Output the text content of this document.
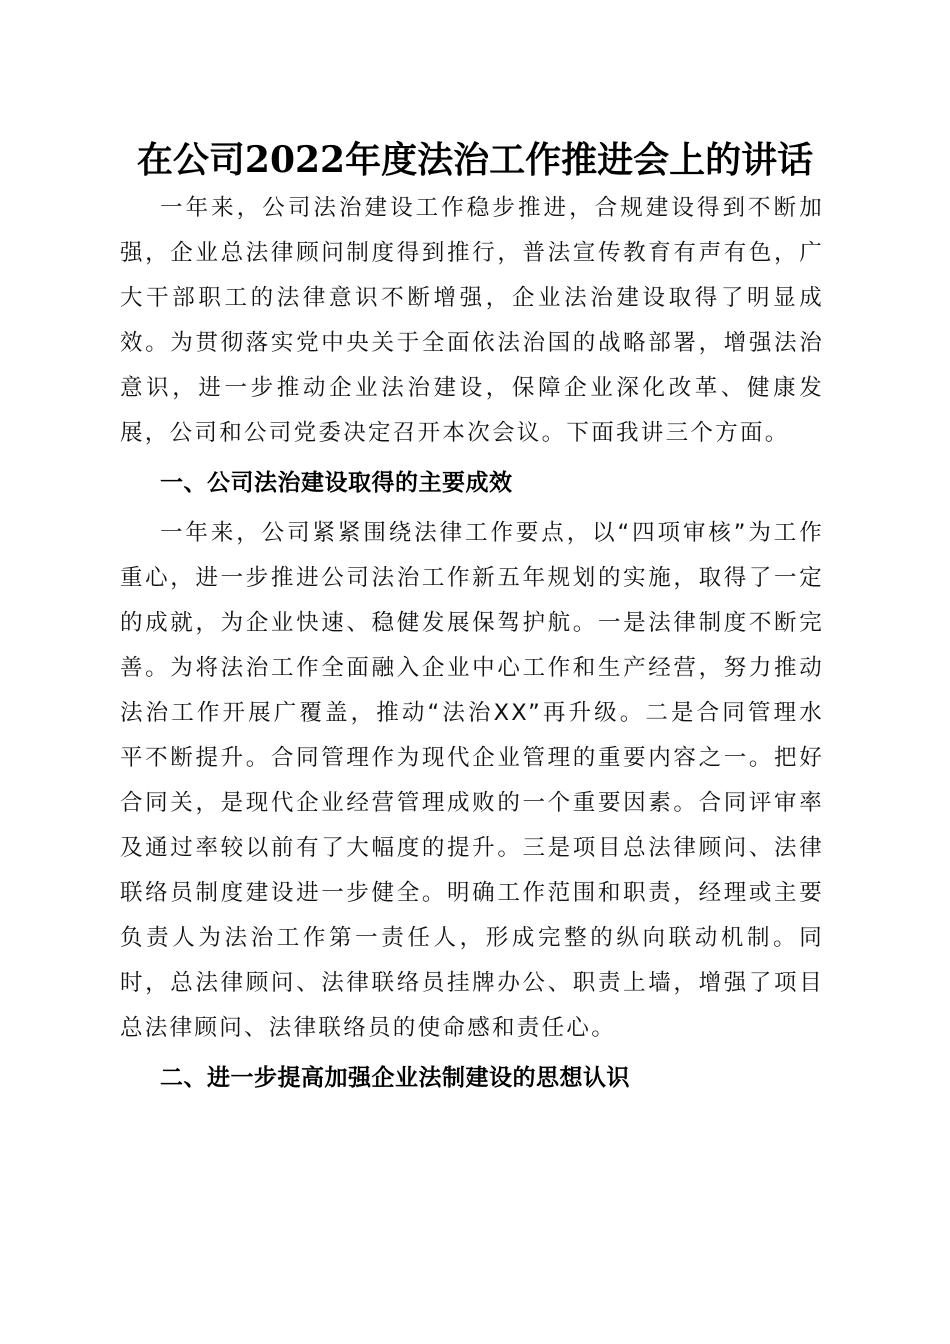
在公司2022年度法治工作推进会上的讲话

一年来，公司法治建设工作稳步推进，合规建设得到不断加强，企业总法律顾问制度得到推行，普法宣传教育有声有色，广大干部职工的法律意识不断增强，企业法治建设取得了明显成效。为贯彻落实党中央关于全面依法治国的战略部署，增强法治意识，进一步推动企业法治建设，保障企业深化改革、健康发展，公司和公司党委决定召开本次会议。下面我讲三个方面。

一、公司法治建设取得的主要成效

一年来，公司紧紧围绕法律工作要点，以“四项审核”为工作重心，进一步推进公司法治工作新五年规划的实施，取得了一定的成就，为企业快速、稳健发展保驾护航。一是法律制度不断完善。为将法治工作全面融入企业中心工作和生产经营，努力推动法治工作开展广覆盖，推动“法治XX”再升级。二是合同管理水平不断提升。合同管理作为现代企业管理的重要内容之一。把好合同关，是现代企业经营管理成败的一个重要因素。合同评审率及通过率较以前有了大幅度的提升。三是项目总法律顾问、法律联络员制度建设进一步健全。明确工作范围和职责，经理或主要负责人为法治工作第一责任人，形成完整的纵向联动机制。同时，总法律顾问、法律联络员挂牌办公、职责上墙，增强了项目总法律顾问、法律联络员的使命感和责任心。

二、进一步提高加强企业法制建设的思想认识
